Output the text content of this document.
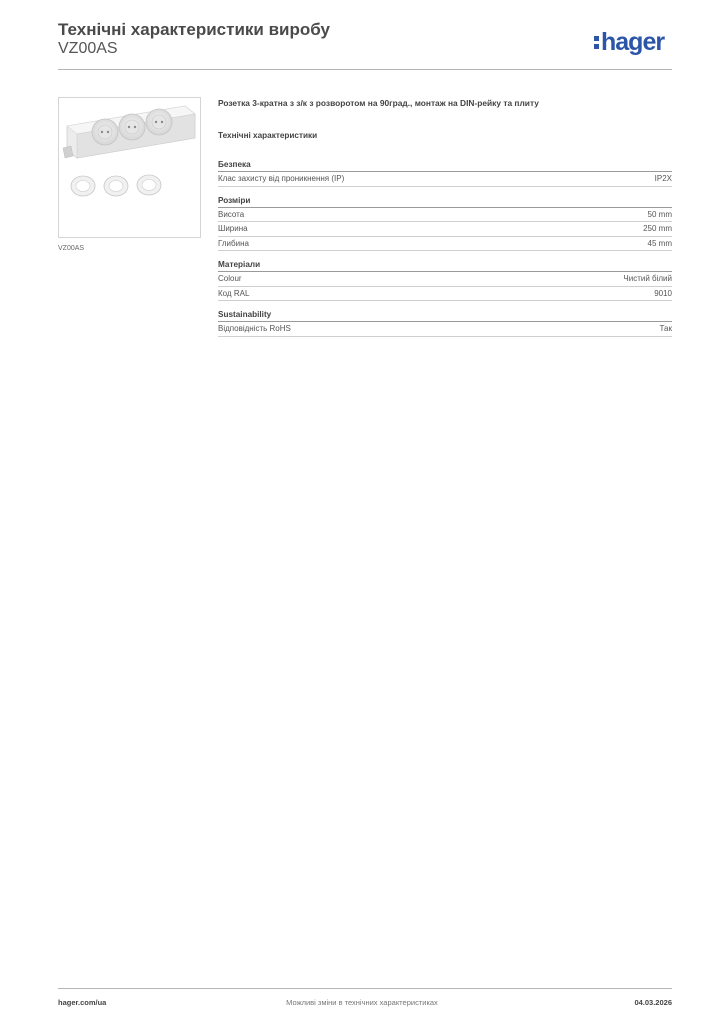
Технічні характеристики виробу
VZ00AS	hager
VZ00AS
Розетка 3-кратна з з/к з розворотом на 90град., монтаж на DIN-рейку та плиту
Технічні характеристики
Безпека
Клас захисту від проникнення (IP)	IP2X
Розміри
Висота	50 mm
Ширина	250 mm
Глибина	45 mm
Матеріали
Colour	Чистий білий
Код RAL	9010
Sustainability
Відповідність RoHS	Так
hager.com/ua	Можливі зміни в технічних характеристиках	04.03.2026
